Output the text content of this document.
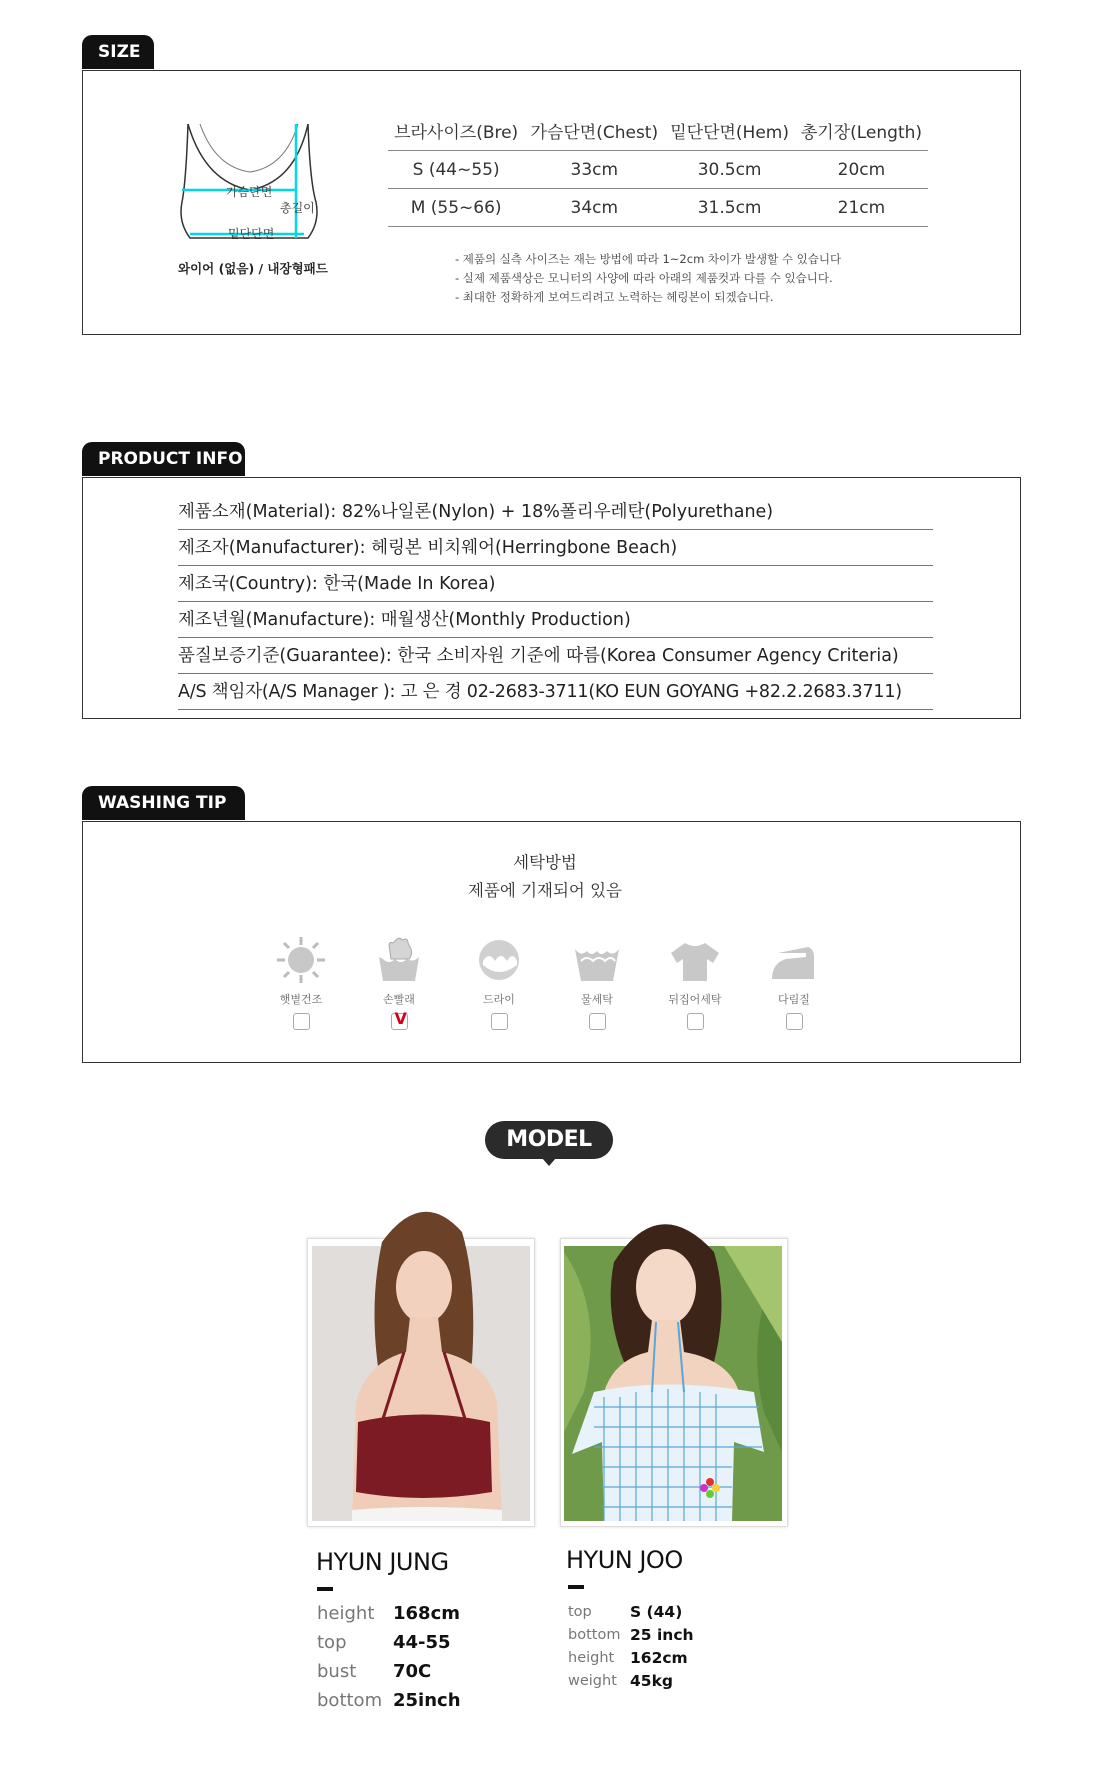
SIZE
가슴단면
총길이
밑단단면
와이어 (없음) / 내장형패드
브라사이즈(Bre)	가슴단면(Chest)	밑단단면(Hem)	총기장(Length)
S (44~55)	33cm	30.5cm	20cm
M (55~66)	34cm	31.5cm	21cm
- 제품의 실측 사이즈는 재는 방법에 따라 1~2cm 차이가 발생할 수 있습니다
- 실제 제품색상은 모니터의 사양에 따라 아래의 제품컷과 다를 수 있습니다.
- 최대한 정확하게 보여드리려고 노력하는 헤링본이 되겠습니다.
PRODUCT INFO
제품소재(Material): 82%나일론(Nylon) + 18%폴리우레탄(Polyurethane)
제조자(Manufacturer): 헤링본 비치웨어(Herringbone Beach)
제조국(Country): 한국(Made In Korea)
제조년월(Manufacture): 매월생산(Monthly Production)
품질보증기준(Guarantee): 한국 소비자원 기준에 따름(Korea Consumer Agency Criteria)
A/S 책임자(A/S Manager ): 고 은 경 02-2683-3711(KO EUN GOYANG +82.2.2683.3711)
WASHING TIP
세탁방법
제품에 기재되어 있음
햇볕건조	손빨래
V
드라이	물세탁	뒤집어세탁	다림질
MODEL
HYUN JUNG
height 168cm
top	44-55
bust 70C
bottom 25inch
HYUN JOO
top S (44)
bottom 25 inch
height 162cm
weight 45kg
